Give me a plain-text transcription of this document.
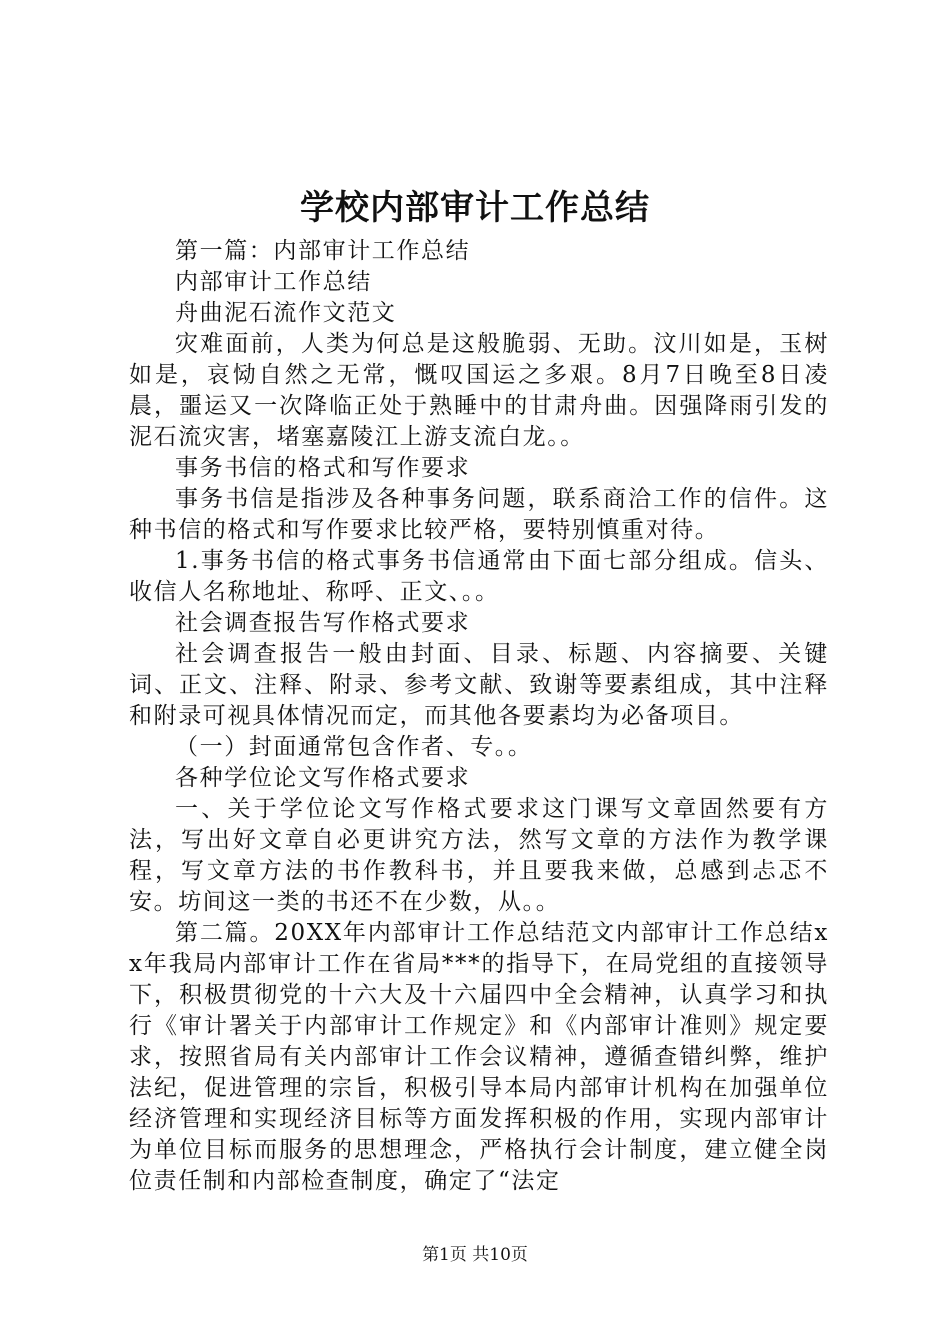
学校内部审计工作总结

第一篇：内部审计工作总结

内部审计工作总结

舟曲泥石流作文范文

灾难面前，人类为何总是这般脆弱、无助。汶川如是，玉树如是，哀恸自然之无常，慨叹国运之多艰。8月7日晚至8日凌晨，噩运又一次降临正处于熟睡中的甘肃舟曲。因强降雨引发的泥石流灾害，堵塞嘉陵江上游支流白龙。。

事务书信的格式和写作要求

事务书信是指涉及各种事务问题，联系商洽工作的信件。这种书信的格式和写作要求比较严格，要特别慎重对待。

1.事务书信的格式事务书信通常由下面七部分组成。信头、收信人名称地址、称呼、正文、。。

社会调查报告写作格式要求

社会调查报告一般由封面、目录、标题、内容摘要、关键词、正文、注释、附录、参考文献、致谢等要素组成，其中注释和附录可视具体情况而定，而其他各要素均为必备项目。

（一）封面通常包含作者、专。。

各种学位论文写作格式要求

一、关于学位论文写作格式要求这门课写文章固然要有方法，写出好文章自必更讲究方法，然写文章的方法作为教学课程，写文章方法的书作教科书，并且要我来做，总感到忐忑不安。坊间这一类的书还不在少数，从。。

第二篇。20XX年内部审计工作总结范文内部审计工作总结xx年我局内部审计工作在省局***的指导下，在局党组的直接领导下，积极贯彻党的十六大及十六届四中全会精神，认真学习和执行《审计署关于内部审计工作规定》和《内部审计准则》规定要求，按照省局有关内部审计工作会议精神，遵循查错纠弊，维护法纪，促进管理的宗旨，积极引导本局内部审计机构在加强单位经济管理和实现经济目标等方面发挥积极的作用，实现内部审计为单位目标而服务的思想理念，严格执行会计制度，建立健全岗位责任制和内部检查制度，确定了“法定

第1页 共10页
